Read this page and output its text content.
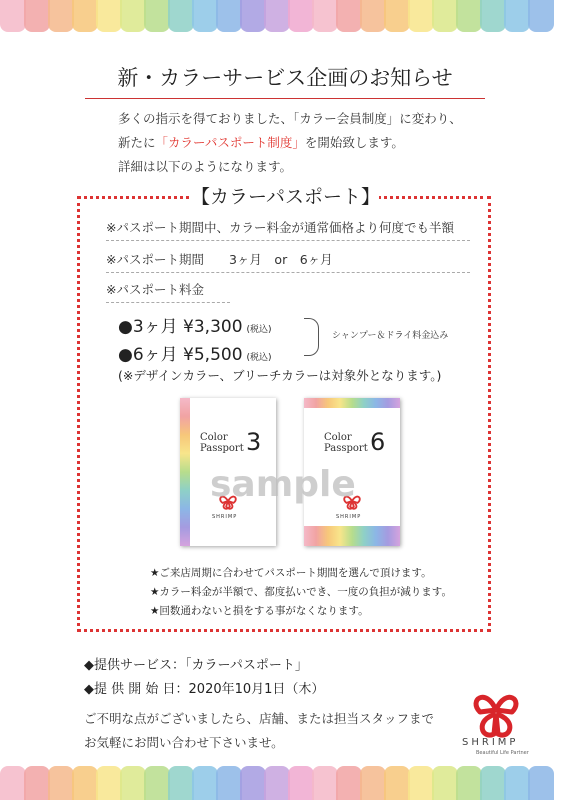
新・カラーサービス企画のお知らせ
多くの指示を得ておりました、「カラー会員制度」に変わり、
新たに「カラーパスポート制度」を開始致します。
詳細は以下のようになります。
【カラーパスポート】
※パスポート期間中、カラー料金が通常価格より何度でも半額
※パスポート期間　　3ヶ月　or　6ヶ月
※パスポート料金
●3ヶ月 ¥3,300 (税込)
●6ヶ月 ¥5,500 (税込)
シャンプー＆ドライ料金込み
(※デザインカラー、ブリーチカラーは対象外となります。)
Color
Passport 3
SHRIMP
Color
Passport 6
SHRIMP
sample
★ご来店周期に合わせてパスポート期間を選んで頂けます。
★カラー料金が半額で、都度払いでき、一度の負担が減ります。
★回数通わないと損をする事がなくなります。
◆提供サービス：「カラーパスポート」
◆提 供 開 始 日：2020年10月1日（木）
ご不明な点がございましたら、店舗、または担当スタッフまで
お気軽にお問い合わせ下さいませ。	SHRIMP
Beautiful Life Partner
